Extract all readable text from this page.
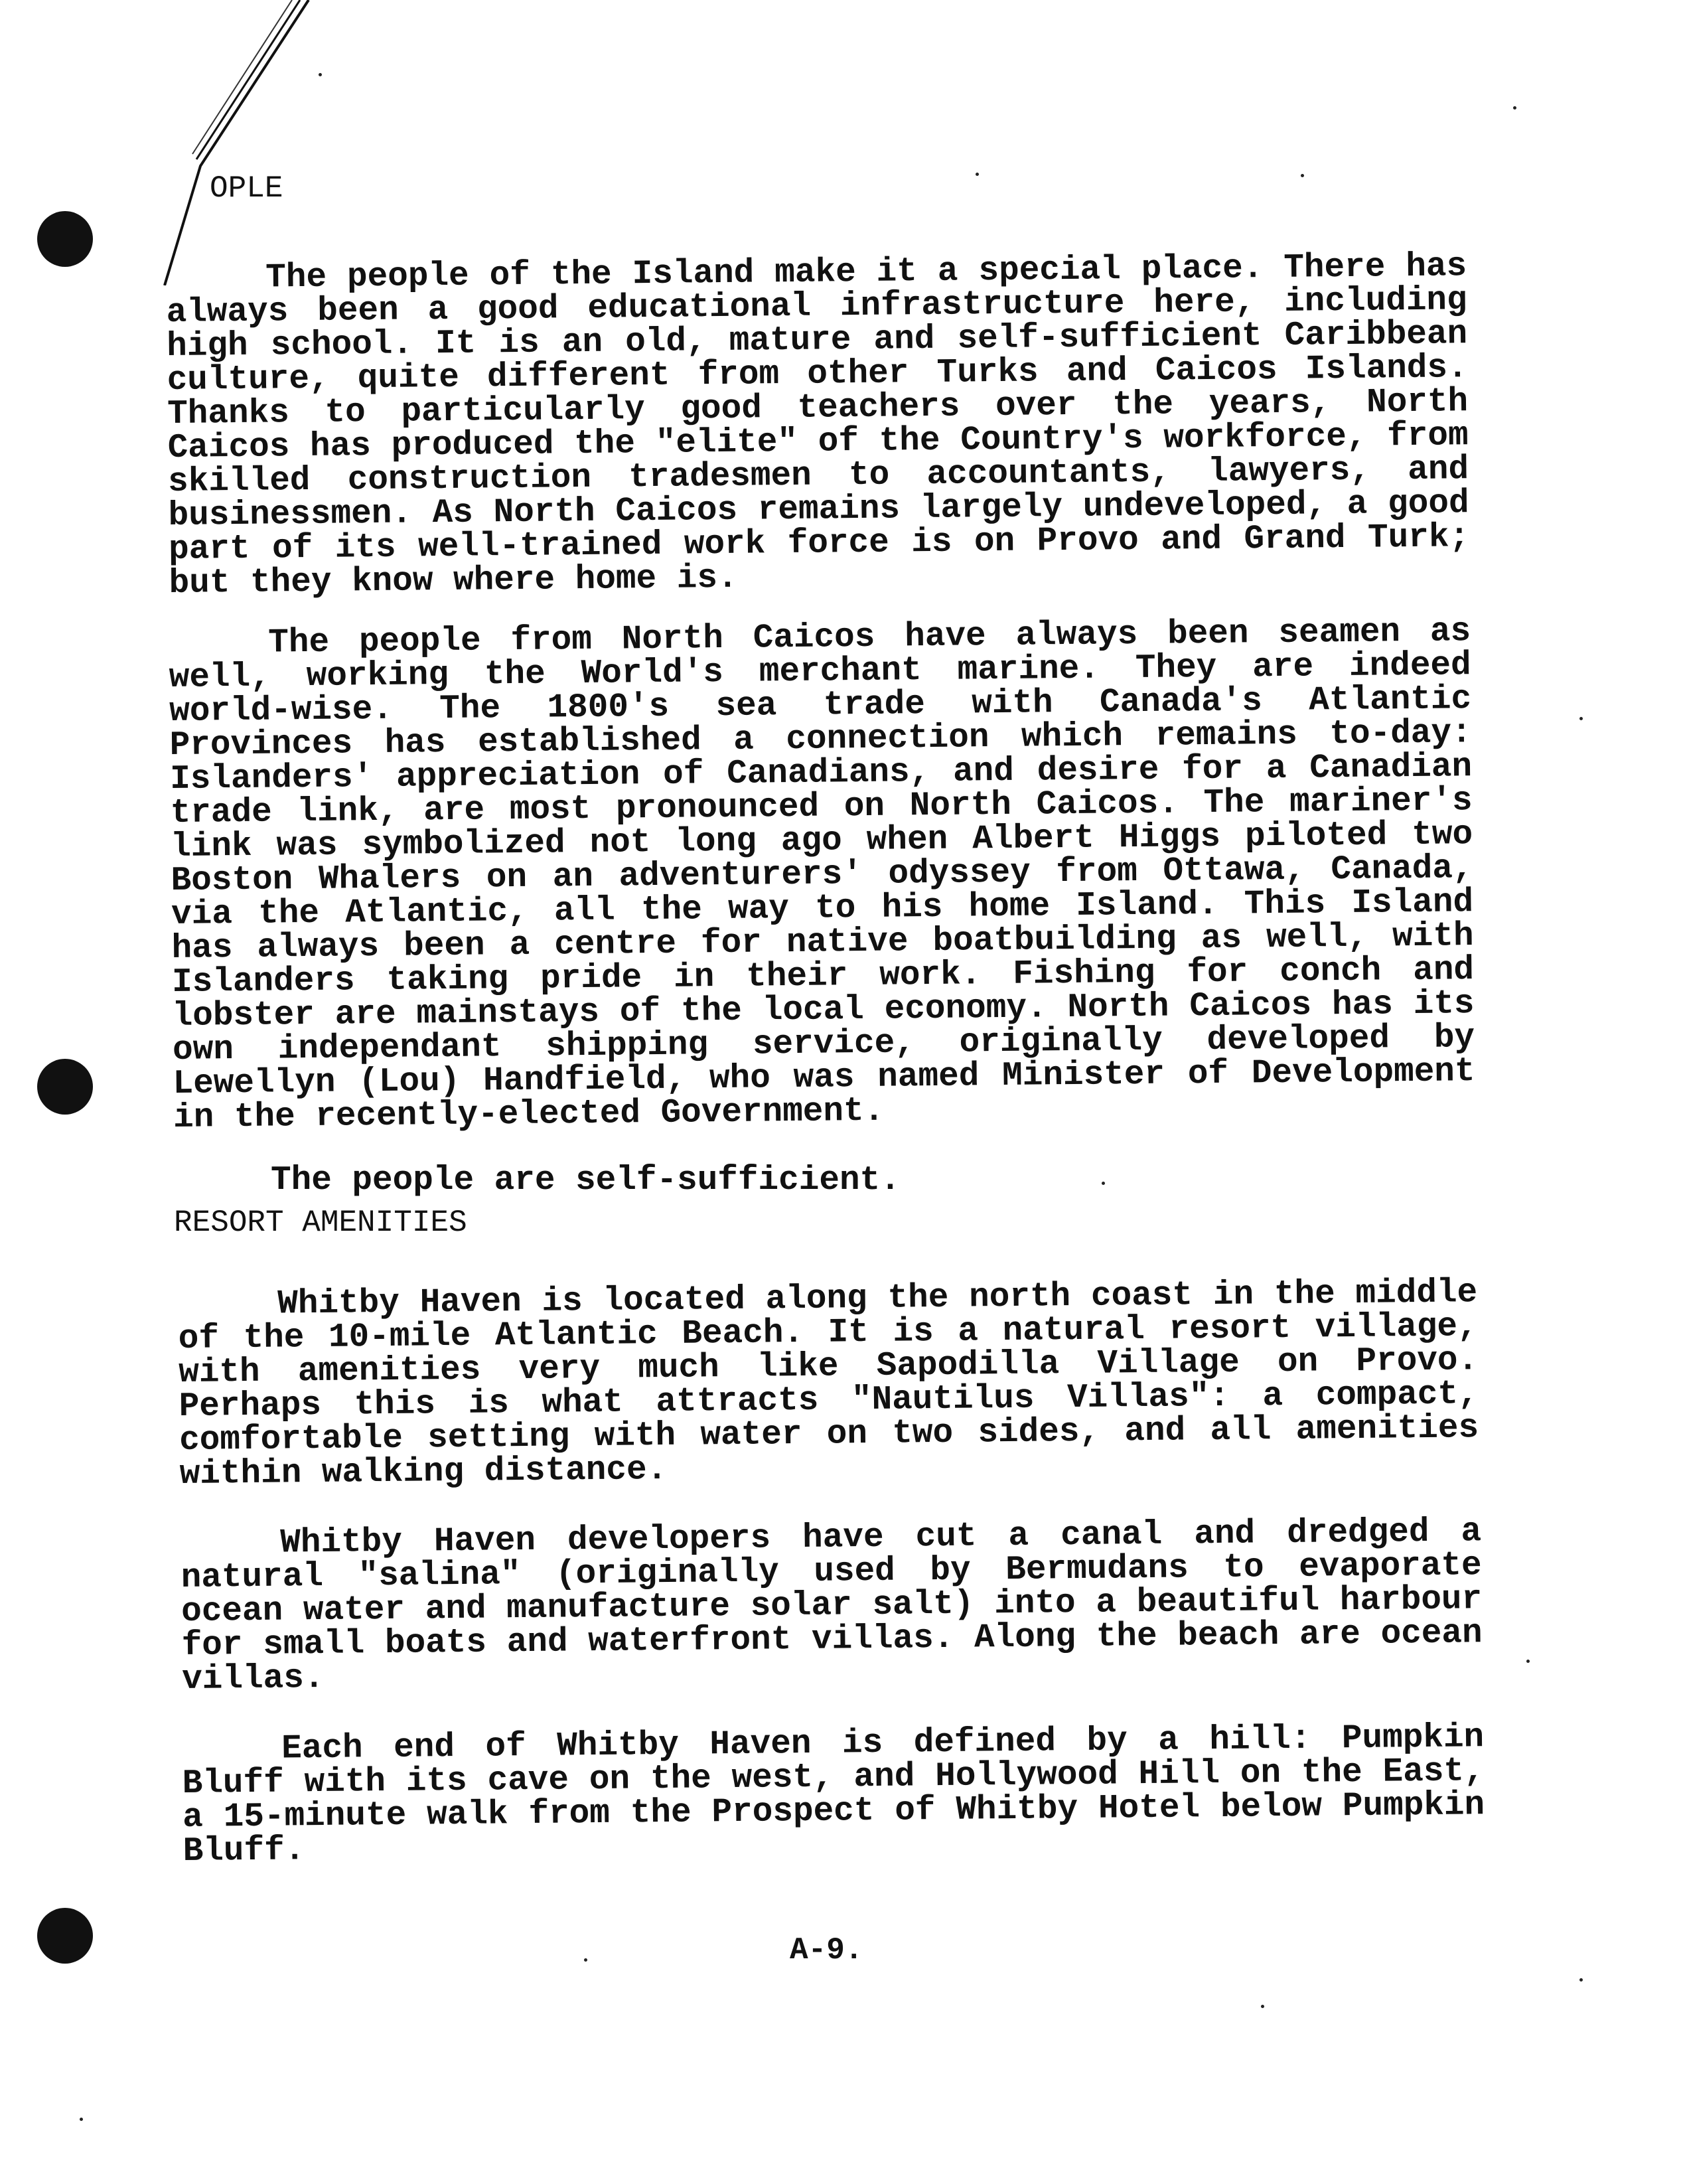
OPLE

The people of the Island make it a special place. There has always been a good educational infrastructure here, including high school. It is an old, mature and self-sufficient Caribbean culture, quite different from other Turks and Caicos Islands. Thanks to particularly good teachers over the years, North Caicos has produced the "elite" of the Country's workforce, from skilled construction tradesmen to accountants, lawyers, and businessmen. As North Caicos remains largely undeveloped, a good part of its well-trained work force is on Provo and Grand Turk; but they know where home is.

The people from North Caicos have always been seamen as well, working the World's merchant marine. They are indeed world-wise. The 1800's sea trade with Canada's Atlantic Provinces has established a connection which remains to-day: Islanders' appreciation of Canadians, and desire for a Canadian trade link, are most pronounced on North Caicos. The mariner's link was symbolized not long ago when Albert Higgs piloted two Boston Whalers on an adventurers' odyssey from Ottawa, Canada, via the Atlantic, all the way to his home Island. This Island has always been a centre for native boatbuilding as well, with Islanders taking pride in their work. Fishing for conch and lobster are mainstays of the local economy. North Caicos has its own independant shipping service, originally developed by Lewellyn (Lou) Handfield, who was named Minister of Development in the recently-elected Government.

The people are self-sufficient.

RESORT AMENITIES

Whitby Haven is located along the north coast in the middle of the 10-mile Atlantic Beach. It is a natural resort village, with amenities very much like Sapodilla Village on Provo. Perhaps this is what attracts "Nautilus Villas": a compact, comfortable setting with water on two sides, and all amenities within walking distance.

Whitby Haven developers have cut a canal and dredged a natural "salina" (originally used by Bermudans to evaporate ocean water and manufacture solar salt) into a beautiful harbour for small boats and waterfront villas. Along the beach are ocean villas.

Each end of Whitby Haven is defined by a hill: Pumpkin Bluff with its cave on the west, and Hollywood Hill on the East, a 15-minute walk from the Prospect of Whitby Hotel below Pumpkin Bluff.

A-9.
